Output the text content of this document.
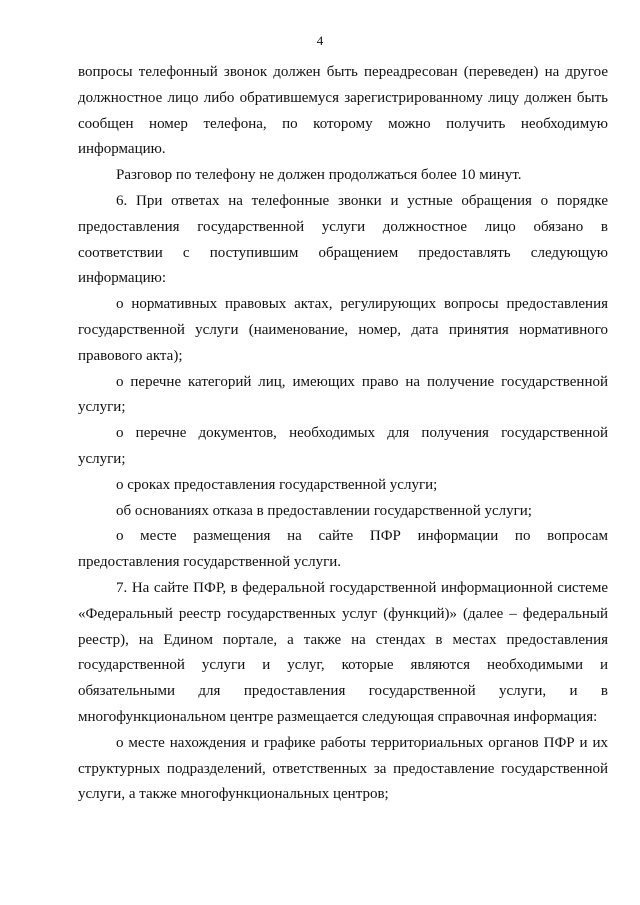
4

вопросы телефонный звонок должен быть переадресован (переведен) на другое должностное лицо либо обратившемуся зарегистрированному лицу должен быть сообщен номер телефона, по которому можно получить необходимую информацию.

Разговор по телефону не должен продолжаться более 10 минут.

6. При ответах на телефонные звонки и устные обращения о порядке предоставления государственной услуги должностное лицо обязано в соответствии с поступившим обращением предоставлять следующую информацию:

о нормативных правовых актах, регулирующих вопросы предоставления государственной услуги (наименование, номер, дата принятия нормативного правового акта);

о перечне категорий лиц, имеющих право на получение государственной услуги;

о перечне документов, необходимых для получения государственной услуги;

о сроках предоставления государственной услуги;

об основаниях отказа в предоставлении государственной услуги;

о месте размещения на сайте ПФР информации по вопросам предоставления государственной услуги.

7. На сайте ПФР, в федеральной государственной информационной системе «Федеральный реестр государственных услуг (функций)» (далее – федеральный реестр), на Едином портале, а также на стендах в местах предоставления государственной услуги и услуг, которые являются необходимыми и обязательными для предоставления государственной услуги, и в многофункциональном центре размещается следующая справочная информация:

о месте нахождения и графике работы территориальных органов ПФР и их структурных подразделений, ответственных за предоставление государственной услуги, а также многофункциональных центров;
